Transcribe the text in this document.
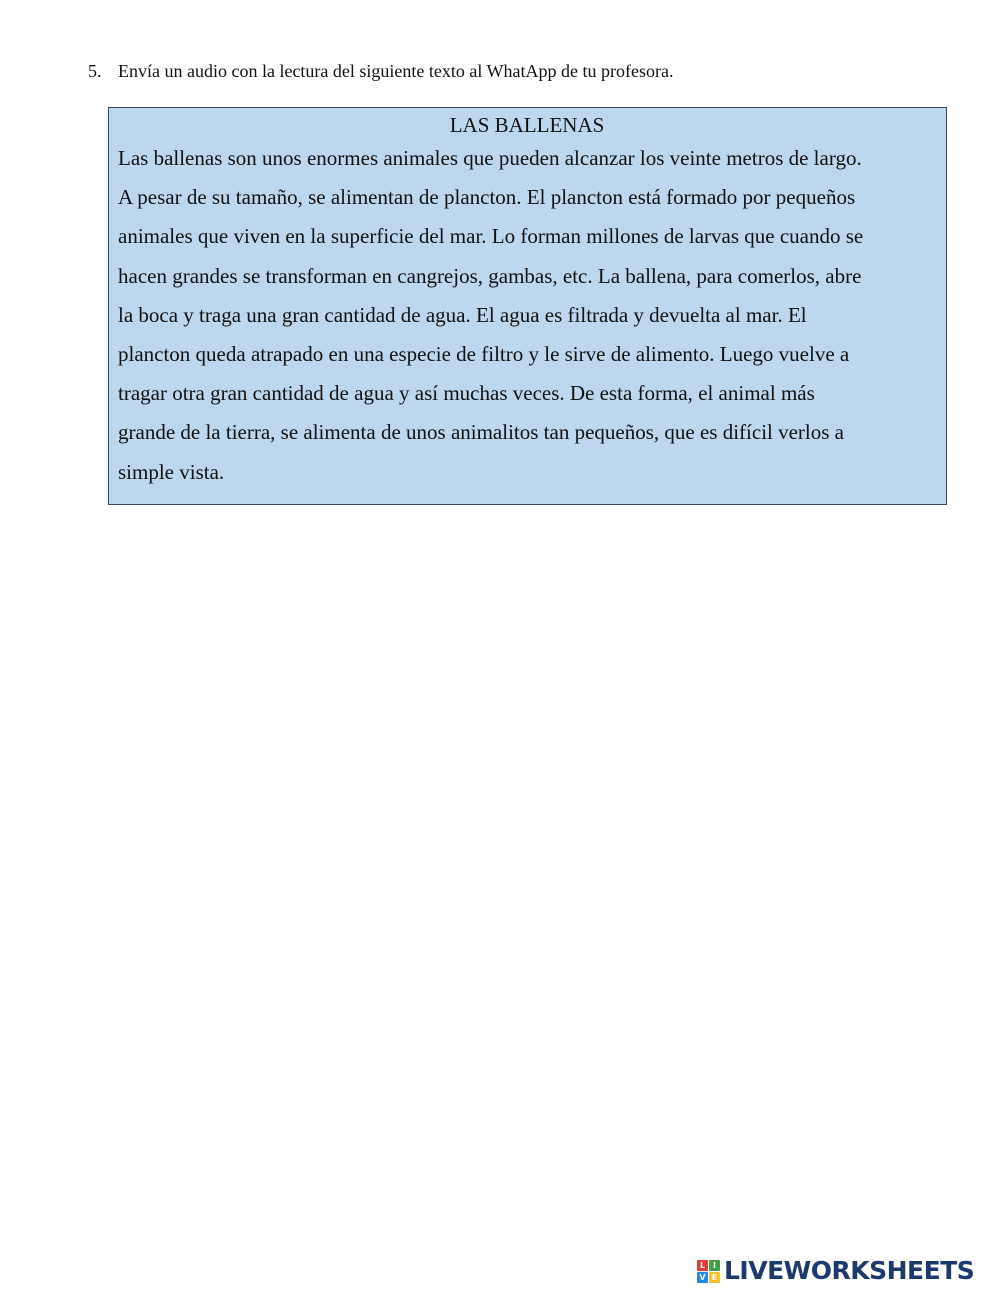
5. Envía un audio con la lectura del siguiente texto al WhatApp de tu profesora.

LAS BALLENAS

Las ballenas son unos enormes animales que pueden alcanzar los veinte metros de largo.
A pesar de su tamaño, se alimentan de plancton. El plancton está formado por pequeños
animales que viven en la superficie del mar. Lo forman millones de larvas que cuando se
hacen grandes se transforman en cangrejos, gambas, etc. La ballena, para comerlos, abre
la boca y traga una gran cantidad de agua. El agua es filtrada y devuelta al mar. El
plancton queda atrapado en una especie de filtro y le sirve de alimento. Luego vuelve a
tragar otra gran cantidad de agua y así muchas veces. De esta forma, el animal más
grande de la tierra, se alimenta de unos animalitos tan pequeños, que es difícil verlos a
simple vista.

L I
V E LIVEWORKSHEETS
